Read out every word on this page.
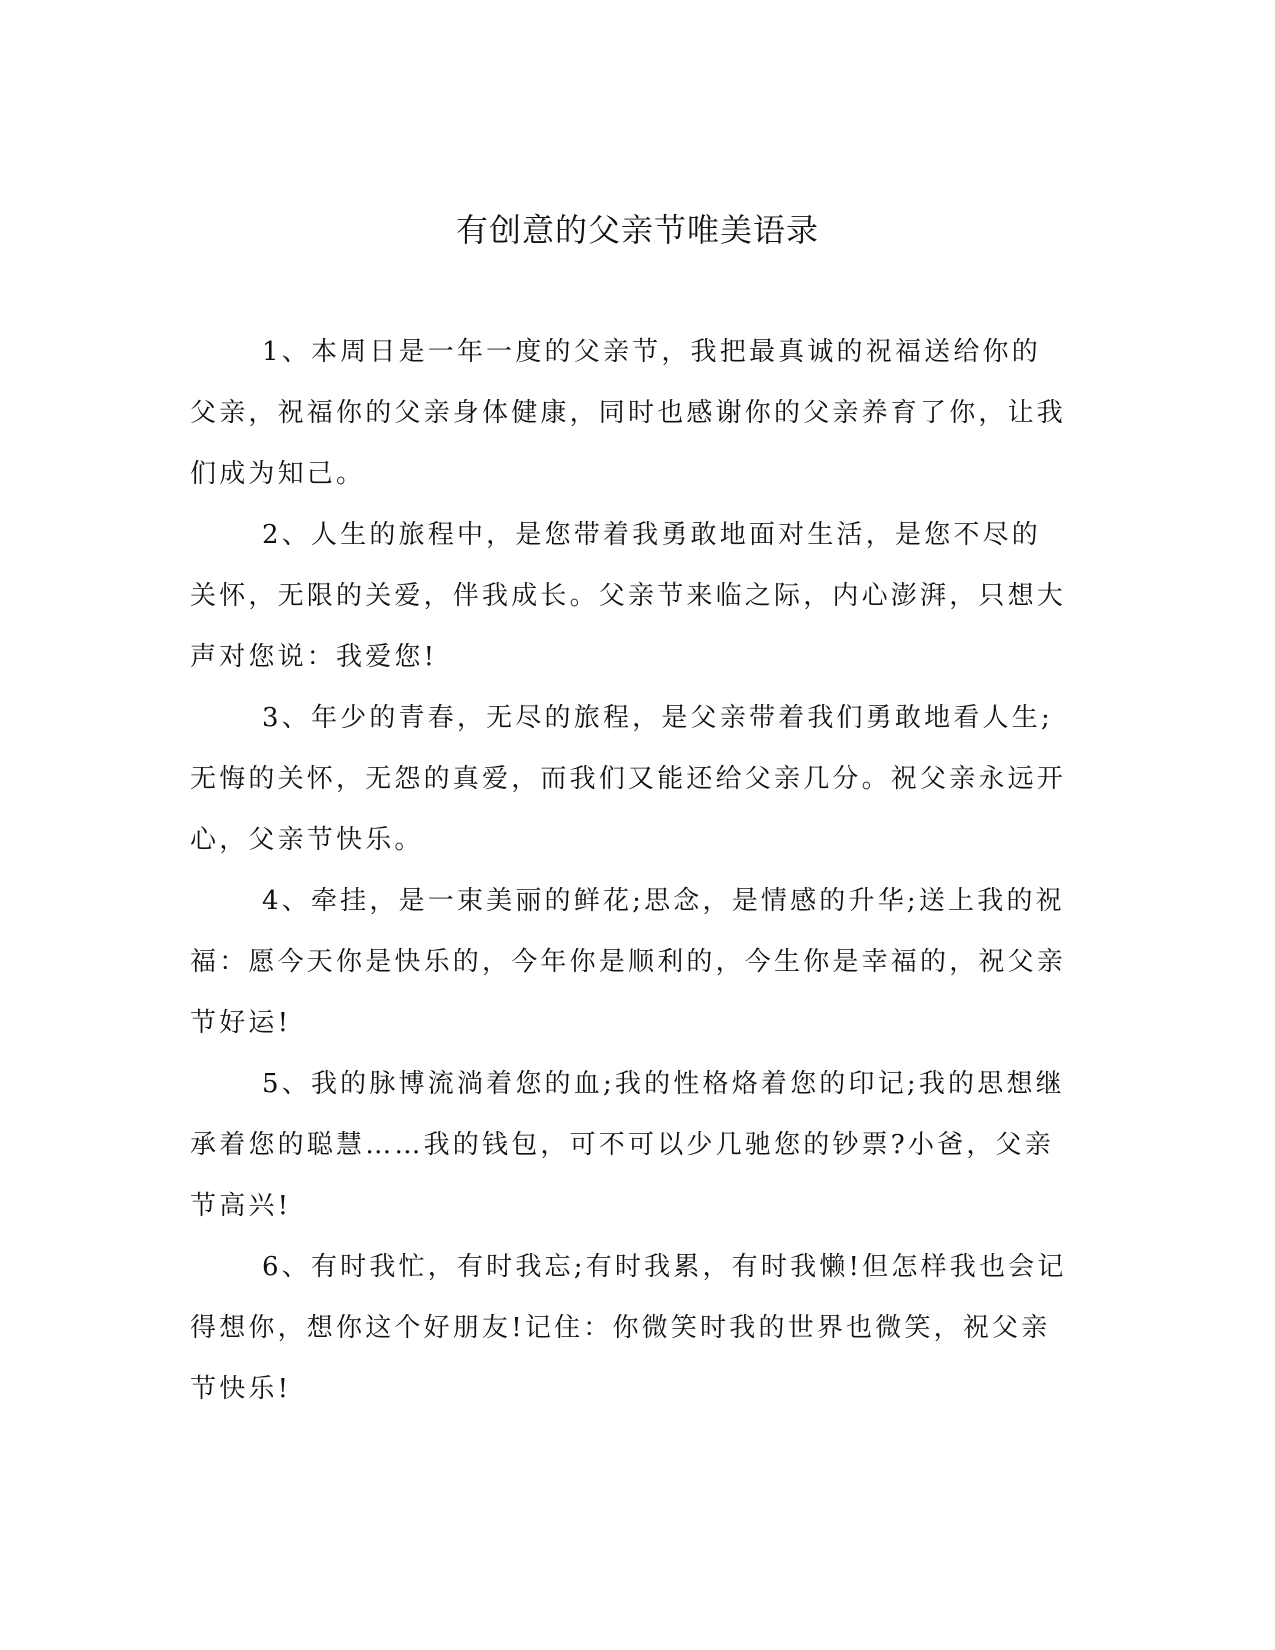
有创意的父亲节唯美语录

1、本周日是一年一度的父亲节，我把最真诚的祝福送给你的父亲，祝福你的父亲身体健康，同时也感谢你的父亲养育了你，让我们成为知己。

2、人生的旅程中，是您带着我勇敢地面对生活，是您不尽的关怀，无限的关爱，伴我成长。父亲节来临之际，内心澎湃，只想大声对您说：我爱您!

3、年少的青春，无尽的旅程，是父亲带着我们勇敢地看人生;无悔的关怀，无怨的真爱，而我们又能还给父亲几分。祝父亲永远开心，父亲节快乐。

4、牵挂，是一束美丽的鲜花;思念，是情感的升华;送上我的祝福：愿今天你是快乐的，今年你是顺利的，今生你是幸福的，祝父亲节好运!

5、我的脉博流淌着您的血;我的性格烙着您的印记;我的思想继承着您的聪慧……我的钱包，可不可以少几驰您的钞票?小爸，父亲节高兴!

6、有时我忙，有时我忘;有时我累，有时我懒!但怎样我也会记得想你，想你这个好朋友!记住：你微笑时我的世界也微笑，祝父亲节快乐!
